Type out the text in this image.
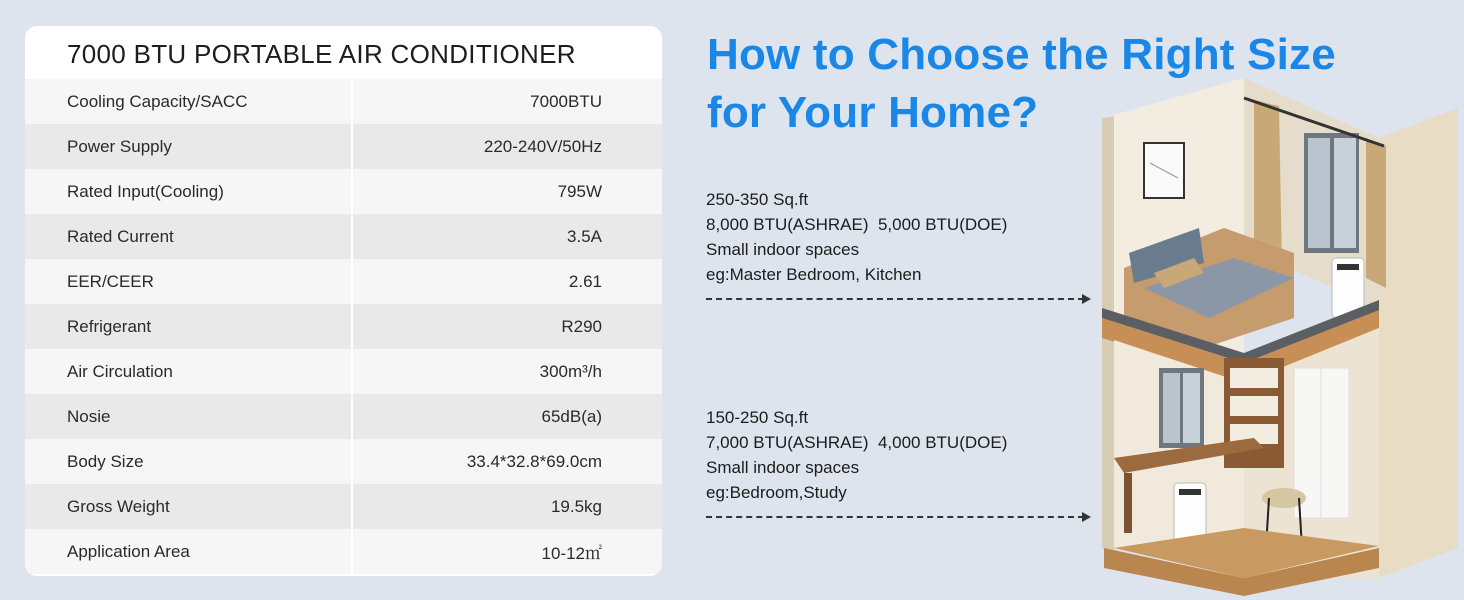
7000 BTU PORTABLE AIR CONDITIONER
Cooling Capacity/SACC	7000BTU
Power Supply	220-240V/50Hz
Rated Input(Cooling)	795W
Rated Current	3.5A
EER/CEER	2.61
Refrigerant	R290
Air Circulation	300m³/h
Nosie	65dB(a)
Body Size	33.4*32.8*69.0cm
Gross Weight	19.5kg
Application Area	10-12㎡
How to Choose the Right Size
for Your Home?
250-350 Sq.ft
8,000 BTU(ASHRAE)  5,000 BTU(DOE)
Small indoor spaces
eg:Master Bedroom, Kitchen
150-250 Sq.ft
7,000 BTU(ASHRAE)  4,000 BTU(DOE)
Small indoor spaces
eg:Bedroom,Study
